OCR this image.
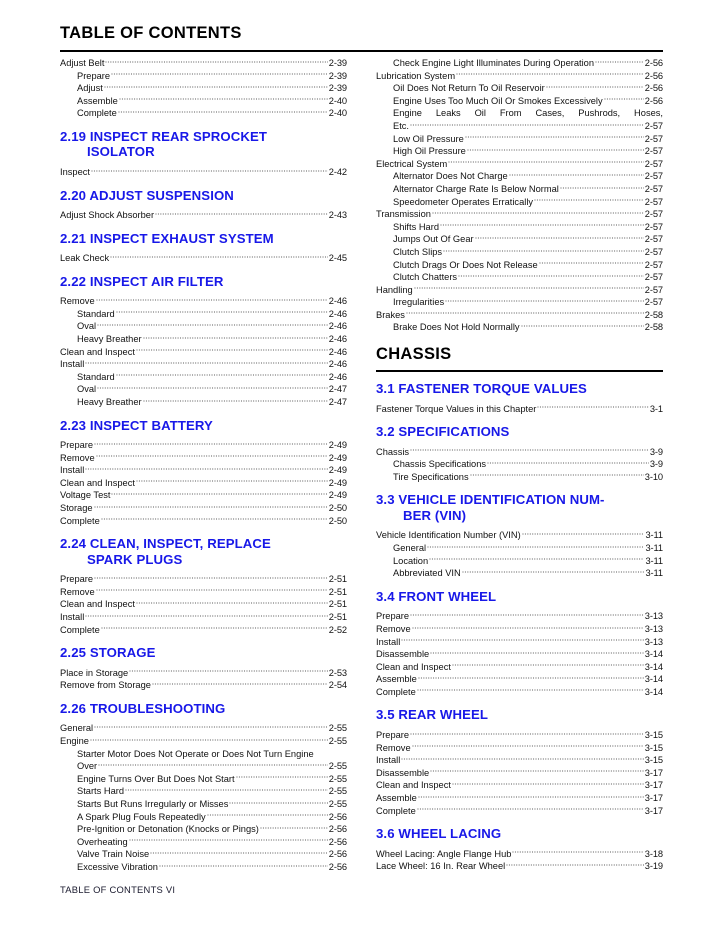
TABLE OF CONTENTS
Adjust Belt	2-39
Prepare	2-39
Adjust	2-39
Assemble	2-40
Complete	2-40
2.19 INSPECT REAR SPROCKET
ISOLATOR
Inspect	2-42
2.20 ADJUST SUSPENSION
Adjust Shock Absorber	2-43
2.21 INSPECT EXHAUST SYSTEM
Leak Check	2-45
2.22 INSPECT AIR FILTER
Remove	2-46
Standard	2-46
Oval	2-46
Heavy Breather	2-46
Clean and Inspect	2-46
Install	2-46
Standard	2-46
Oval	2-47
Heavy Breather	2-47
2.23 INSPECT BATTERY
Prepare	2-49
Remove	2-49
Install	2-49
Clean and Inspect	2-49
Voltage Test	2-49
Storage	2-50
Complete	2-50
2.24 CLEAN, INSPECT, REPLACE
SPARK PLUGS
Prepare	2-51
Remove	2-51
Clean and Inspect	2-51
Install	2-51
Complete	2-52
2.25 STORAGE
Place in Storage	2-53
Remove from Storage	2-54
2.26 TROUBLESHOOTING
General	2-55
Engine	2-55
Starter Motor Does Not Operate or Does Not Turn Engine
Over	2-55
Engine Turns Over But Does Not Start	2-55
Starts Hard	2-55
Starts But Runs Irregularly or Misses	2-55
A Spark Plug Fouls Repeatedly	2-56
Pre-Ignition or Detonation (Knocks or Pings)	2-56
Overheating	2-56
Valve Train Noise	2-56
Excessive Vibration	2-56
Check Engine Light Illuminates During Operation	2-56
Lubrication System	2-56
Oil Does Not Return To Oil Reservoir	2-56
Engine Uses Too Much Oil Or Smokes Excessively	2-56
Engine Leaks Oil From Cases, Pushrods, Hoses,
Etc.	2-57
Low Oil Pressure	2-57
High Oil Pressure	2-57
Electrical System	2-57
Alternator Does Not Charge	2-57
Alternator Charge Rate Is Below Normal	2-57
Speedometer Operates Erratically	2-57
Transmission	2-57
Shifts Hard	2-57
Jumps Out Of Gear	2-57
Clutch Slips	2-57
Clutch Drags Or Does Not Release	2-57
Clutch Chatters	2-57
Handling	2-57
Irregularities	2-57
Brakes	2-58
Brake Does Not Hold Normally	2-58
CHASSIS
3.1 FASTENER TORQUE VALUES
Fastener Torque Values in this Chapter	3-1
3.2 SPECIFICATIONS
Chassis	3-9
Chassis Specifications	3-9
Tire Specifications	3-10
3.3 VEHICLE IDENTIFICATION NUM-
BER (VIN)
Vehicle Identification Number (VIN)	3-11
General	3-11
Location	3-11
Abbreviated VIN	3-11
3.4 FRONT WHEEL
Prepare	3-13
Remove	3-13
Install	3-13
Disassemble	3-14
Clean and Inspect	3-14
Assemble	3-14
Complete	3-14
3.5 REAR WHEEL
Prepare	3-15
Remove	3-15
Install	3-15
Disassemble	3-17
Clean and Inspect	3-17
Assemble	3-17
Complete	3-17
3.6 WHEEL LACING
Wheel Lacing: Angle Flange Hub	3-18
Lace Wheel: 16 In. Rear Wheel	3-19
TABLE OF CONTENTS VI
